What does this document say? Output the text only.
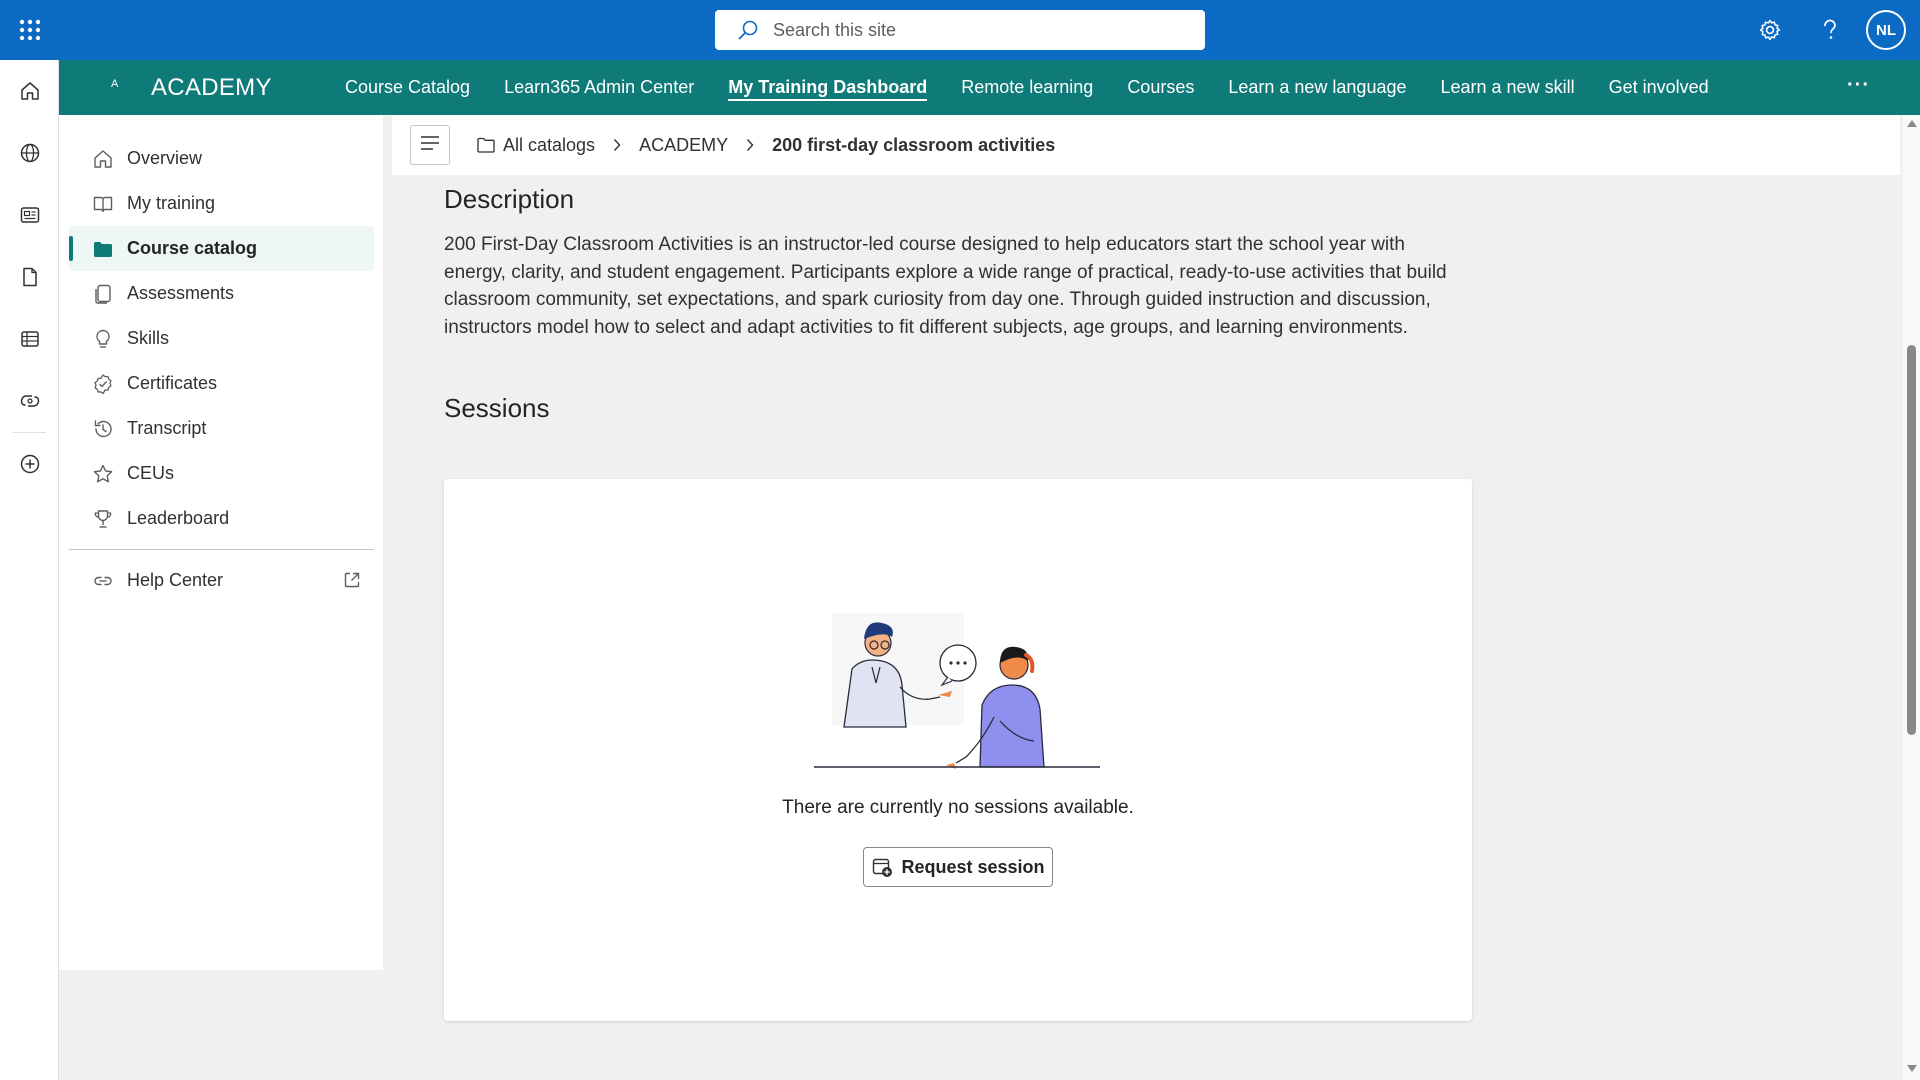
Search this site	NL
A ACADEMY	Course Catalog	Learn365 Admin Center	My Training Dashboard	Remote learning	Courses	Learn a new language	Learn a new skill	Get involved	···
Overview
My training
Course catalog
Assessments
Skills
Certificates
Transcript
CEUs
Leaderboard
Help Center
All catalogs ACADEMY 200 first-day classroom activities
Description

200 First-Day Classroom Activities is an instructor-led course designed to help educators start the school year with energy, clarity, and student engagement. Participants explore a wide range of practical, ready-to-use activities that build classroom community, set expectations, and spark curiosity from day one. Through guided instruction and discussion, instructors model how to select and adapt activities to fit different subjects, age groups, and learning environments.

Sessions
There are currently no sessions available.
Request session
